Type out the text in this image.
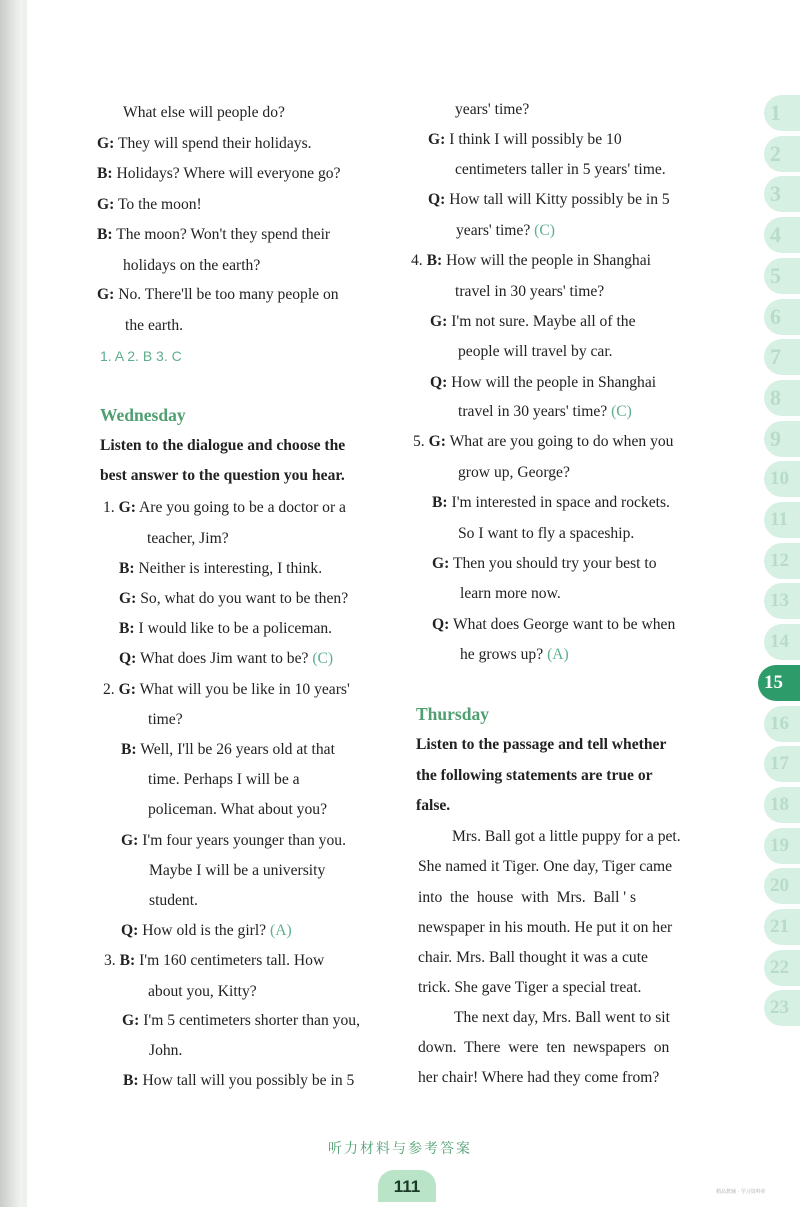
What else will people do?
G: They will spend their holidays.
B: Holidays? Where will everyone go?
G: To the moon!
B: The moon? Won't they spend their
holidays on the earth?
G: No. There'll be too many people on
the earth.
1. A 2. B 3. C
Wednesday
Listen to the dialogue and choose the
best answer to the question you hear.
1. G: Are you going to be a doctor or a
teacher, Jim?
B: Neither is interesting, I think.
G: So, what do you want to be then?
B: I would like to be a policeman.
Q: What does Jim want to be? (C)
2. G: What will you be like in 10 years'
time?
B: Well, I'll be 26 years old at that
time. Perhaps I will be a
policeman. What about you?
G: I'm four years younger than you.
Maybe I will be a university
student.
Q: How old is the girl? (A)
3. B: I'm 160 centimeters tall. How
about you, Kitty?
G: I'm 5 centimeters shorter than you,
John.
B: How tall will you possibly be in 5
years' time?
G: I think I will possibly be 10
centimeters taller in 5 years' time.
Q: How tall will Kitty possibly be in 5
years' time? (C)
4. B: How will the people in Shanghai
travel in 30 years' time?
G: I'm not sure. Maybe all of the
people will travel by car.
Q: How will the people in Shanghai
travel in 30 years' time? (C)
5. G: What are you going to do when you
grow up, George?
B: I'm interested in space and rockets.
So I want to fly a spaceship.
G: Then you should try your best to
learn more now.
Q: What does George want to be when
he grows up? (A)
Thursday
Listen to the passage and tell whether
the following statements are true or
false.
Mrs. Ball got a little puppy for a pet.
She named it Tiger. One day, Tiger came
into  the  house  with  Mrs.  Ball ' s
newspaper in his mouth. He put it on her
chair. Mrs. Ball thought it was a cute
trick. She gave Tiger a special treat.
The next day, Mrs. Ball went to sit
down.  There  were  ten  newspapers  on
her chair! Where had they come from?
1
2
3
4
5
6
7
8
9
10
11
12
13
14
15
16
17
18
19
20
21
22
23
听力材料与参考答案
111	精品教辅 · 学习资料库
